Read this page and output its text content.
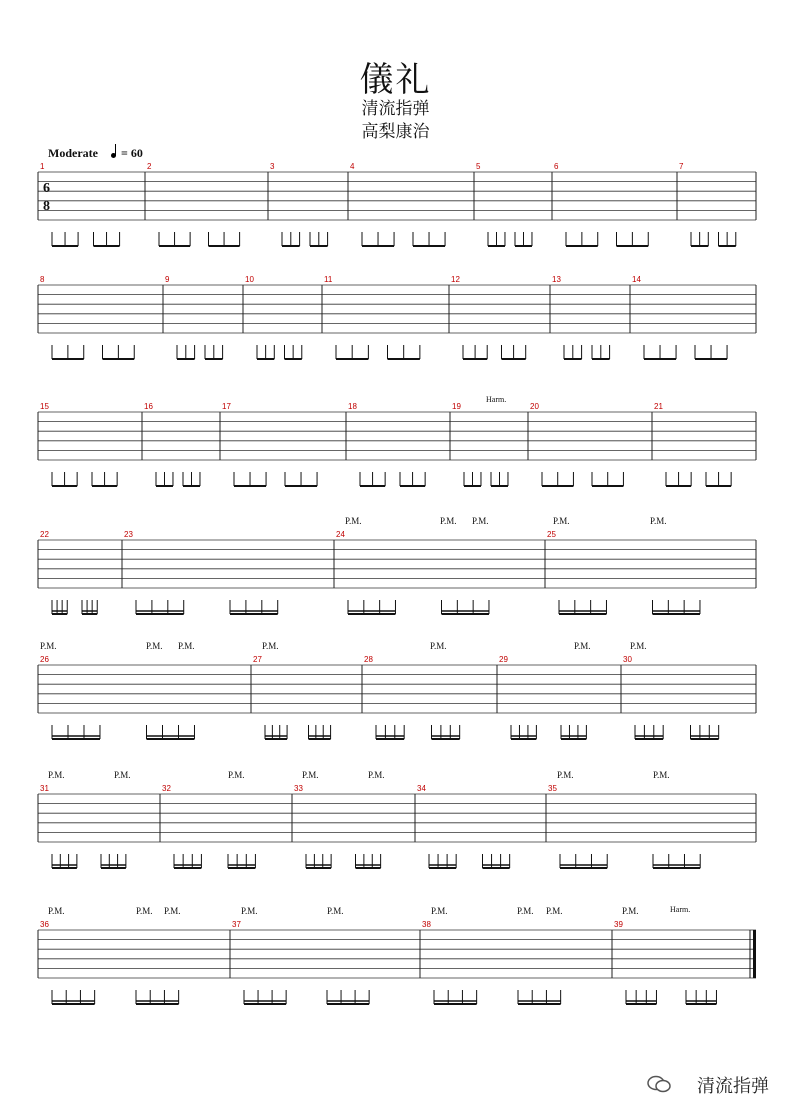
儀礼
清流指弹
高梨康治
Moderate = 60
1	2	3	4	5	6	7
8	9	10	11	12	13	14
15	16	17	18	19	20	21
Harm.
22	23	24	25
P.M.	P.M. P.M.	P.M.	P.M.
26	27	28	29	30
P.M.	P.M. P.M.	P.M.	P.M.	P.M.	P.M.
31	32	33	34	35
P.M.	P.M.	P.M.	P.M.	P.M.	P.M.	P.M.
36	37	38	39
P.M.	P.M. P.M.	P.M.	P.M.	P.M.	P.M. P.M.	P.M.	Harm.
6
8
清流指弹
